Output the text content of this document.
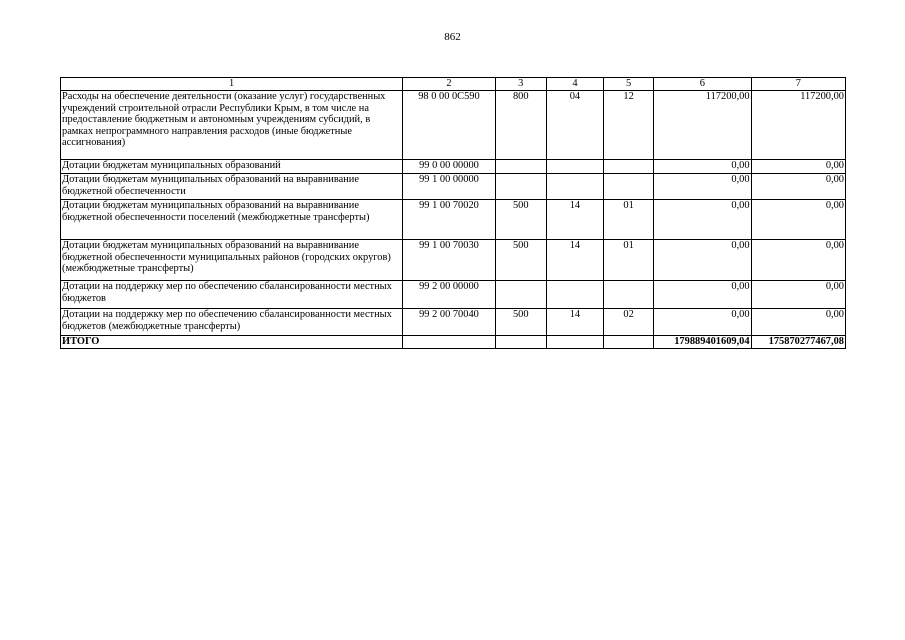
862
1	2	3	4	5	6	7
Расходы на обеспечение деятельности (оказание услуг) государственных учреждений строительной отрасли Республики Крым, в том числе на предоставление бюджетным и автономным учреждениям субсидий, в рамках непрограммного направления расходов (иные бюджетные ассигнования)	98 0 00 0С590	800	04	12	117200,00	117200,00
Дотации бюджетам муниципальных образований	99 0 00 00000				0,00	0,00
Дотации бюджетам муниципальных образований на выравнивание бюджетной обеспеченности	99 1 00 00000				0,00	0,00
Дотации бюджетам муниципальных образований на выравнивание бюджетной обеспеченности поселений (межбюджетные трансферты)	99 1 00 70020	500	14	01	0,00	0,00
Дотации бюджетам муниципальных образований на выравнивание бюджетной обеспеченности муниципальных районов (городских округов) (межбюджетные трансферты)	99 1 00 70030	500	14	01	0,00	0,00
Дотации на поддержку мер по обеспечению сбалансированности местных бюджетов	99 2 00 00000				0,00	0,00
Дотации на поддержку мер по обеспечению сбалансированности местных бюджетов (межбюджетные трансферты)	99 2 00 70040	500	14	02	0,00	0,00
ИТОГО					179889401609,04	175870277467,08
